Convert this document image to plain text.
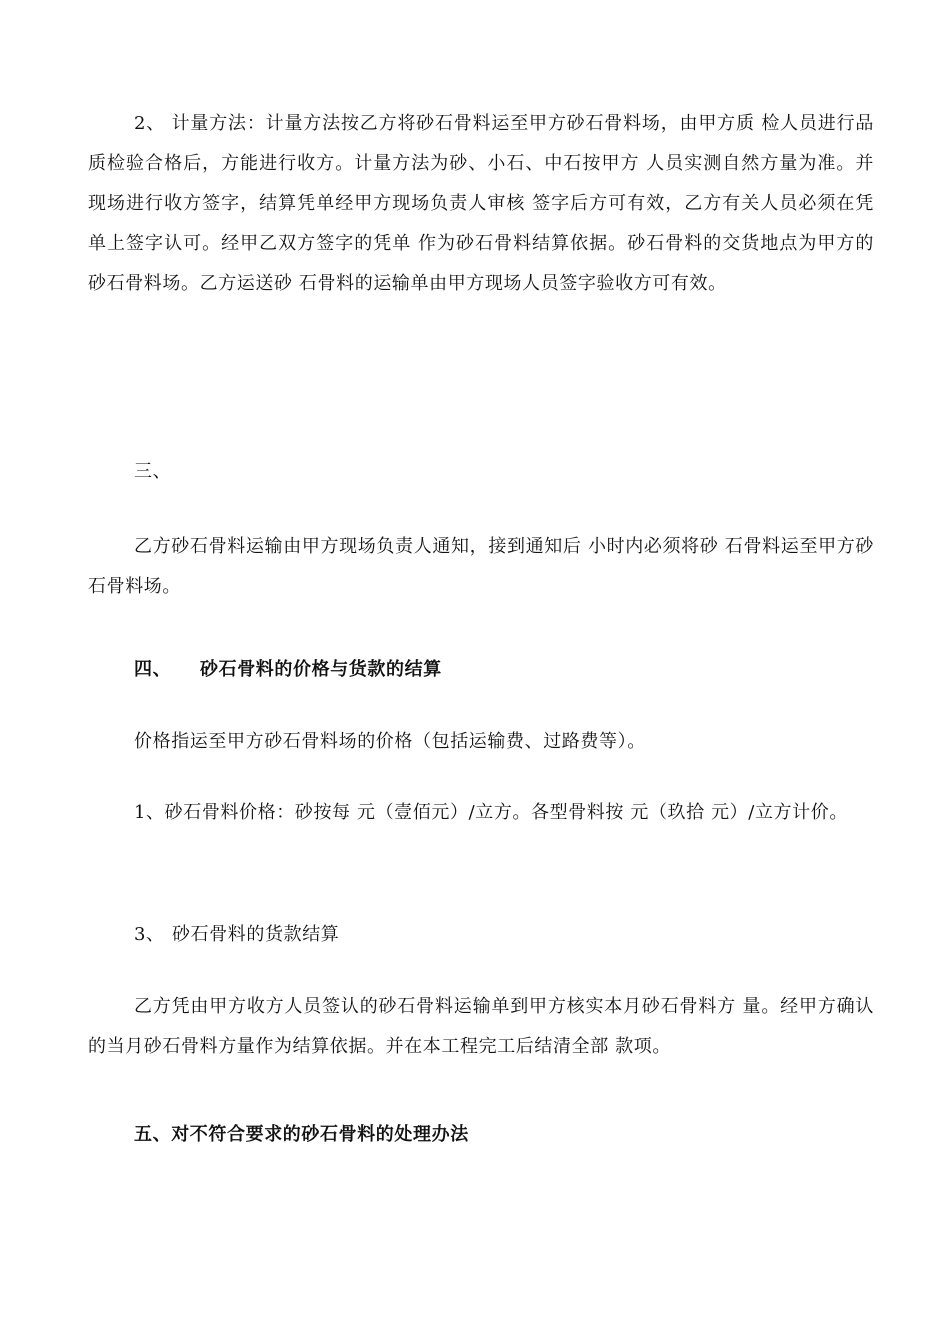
2、 计量方法：计量方法按乙方将砂石骨料运至甲方砂石骨料场，由甲方质 检人员进行品质检验合格后，方能进行收方。计量方法为砂、小石、中石按甲方 人员实测自然方量为准。并现场进行收方签字，结算凭单经甲方现场负责人审核 签字后方可有效，乙方有关人员必须在凭单上签字认可。经甲乙双方签字的凭单 作为砂石骨料结算依据。砂石骨料的交货地点为甲方的砂石骨料场。乙方运送砂 石骨料的运输单由甲方现场人员签字验收方可有效。

三、

乙方砂石骨料运输由甲方现场负责人通知，接到通知后 小时内必须将砂 石骨料运至甲方砂石骨料场。

四、 砂石骨料的价格与货款的结算

价格指运至甲方砂石骨料场的价格（包括运输费、过路费等）。

1、砂石骨料价格：砂按每 元（壹佰元）/立方。各型骨料按 元（玖拾 元）/立方计价。

3、 砂石骨料的货款结算

乙方凭由甲方收方人员签认的砂石骨料运输单到甲方核实本月砂石骨料方 量。经甲方确认的当月砂石骨料方量作为结算依据。并在本工程完工后结清全部 款项。

五、对不符合要求的砂石骨料的处理办法
